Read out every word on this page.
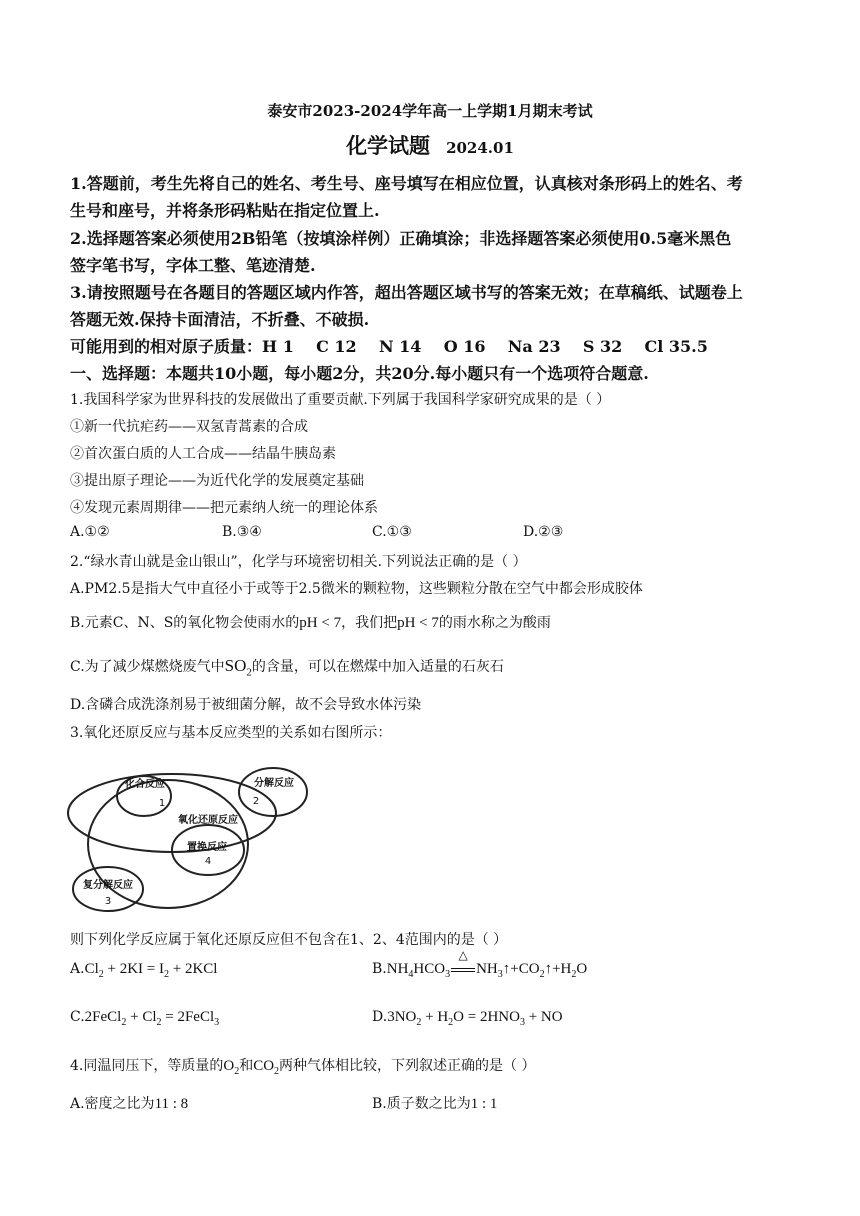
泰安市2023-2024学年高一上学期1月期末考试
化学试题 2024.01
1.答题前，考生先将自己的姓名、考生号、座号填写在相应位置，认真核对条形码上的姓名、考
生号和座号，并将条形码粘贴在指定位置上.
2.选择题答案必须使用2B铅笔（按填涂样例）正确填涂；非选择题答案必须使用0.5毫米黑色
签字笔书写，字体工整、笔迹清楚.
3.请按照题号在各题目的答题区域内作答，超出答题区域书写的答案无效；在草稿纸、试题卷上
答题无效.保持卡面清洁，不折叠、不破损.
可能用到的相对原子质量：H 1    C 12    N 14    O 16    Na 23    S 32    Cl 35.5
一、选择题：本题共10小题，每小题2分，共20分.每小题只有一个选项符合题意.
1.我国科学家为世界科技的发展做出了重要贡献.下列属于我国科学家研究成果的是（ ）
①新一代抗疟药——双氢青蒿素的合成
②首次蛋白质的人工合成——结晶牛胰岛素
③提出原子理论——为近代化学的发展奠定基础
④发现元素周期律——把元素纳人统一的理论体系
A.①②	B.③④	C.①③	D.②③
2.“绿水青山就是金山银山”，化学与环境密切相关.下列说法正确的是（ ）
A.PM2.5是指大气中直径小于或等于2.5微米的颗粒物，这些颗粒分散在空气中都会形成胶体
B.元素C、N、S的氧化物会使雨水的pH < 7，我们把pH < 7的雨水称之为酸雨
C.为了减少煤燃烧废气中$SO_2$的含量，可以在燃煤中加入适量的石灰石
D.含磷合成洗涤剂易于被细菌分解，故不会导致水体污染
3.氧化还原反应与基本反应类型的关系如右图所示：
化合反应
1
分解反应
2
氧化还原反应
置换反应
4
复分解反应
3
则下列化学反应属于氧化还原反应但不包含在1、2、4范围内的是（ ）
$A.Cl_2 + 2KI = I_2 + 2KCl$	$B.NH_4HCO_3$
△
$NH_3↑+CO_2↑+H_2O$
C.2FeCl$_2$ + $Cl_2$ = 2FeCl$_3$	$D.3NO_2 + H_2O = 2HNO_3$ + NO
4.同温同压下，等质量的$O_2$和$CO_2$两种气体相比较，下列叙述正确的是（ ）
A.密度之比为11 : 8	B.质子数之比为1 : 1
